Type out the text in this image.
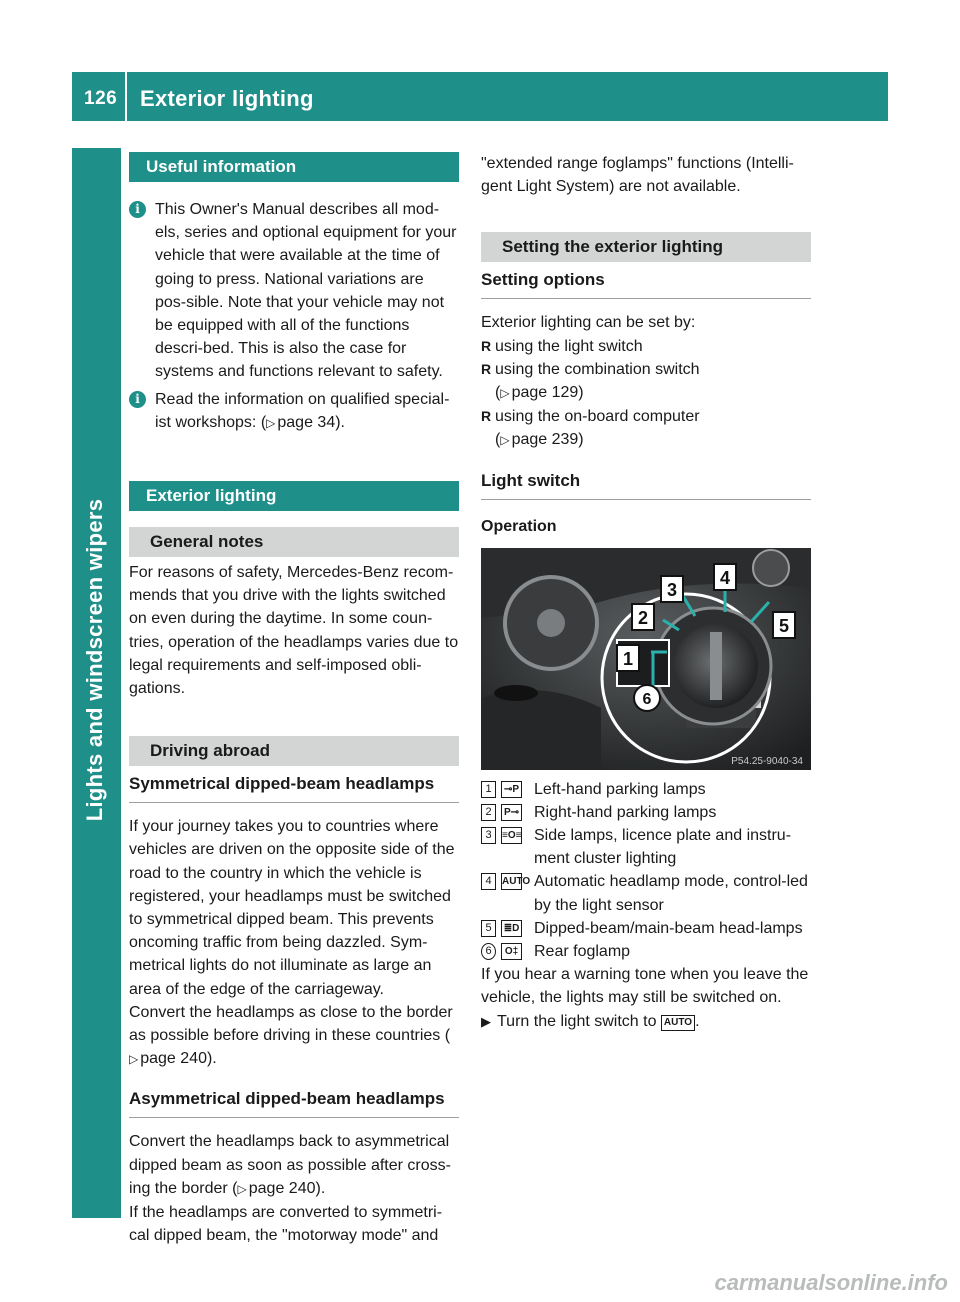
126 Exterior lighting
Lights and windscreen wipers
Useful information
i This Owner's Manual describes all mod-els, series and optional equipment for your vehicle that were available at the time of going to press. National variations are pos-sible. Note that your vehicle may not be equipped with all of the functions descri-bed. This is also the case for systems and functions relevant to safety.

i Read the information on qualified special-ist workshops: (▷ page 34).

Exterior lighting
General notes

For reasons of safety, Mercedes-Benz recom-mends that you drive with the lights switched on even during the daytime. In some coun-tries, operation of the headlamps varies due to legal requirements and self-imposed obli-gations.

Driving abroad
Symmetrical dipped-beam headlamps

If your journey takes you to countries where vehicles are driven on the opposite side of the road to the country in which the vehicle is registered, your headlamps must be switched to symmetrical dipped beam. This prevents oncoming traffic from being dazzled. Sym-metrical lights do not illuminate as large an area of the edge of the carriageway.

Convert the headlamps as close to the border as possible before driving in these countries (▷ page 240).

Asymmetrical dipped-beam headlamps

Convert the headlamps back to asymmetrical dipped beam as soon as possible after cross-ing the border (▷ page 240).

If the headlamps are converted to symmetri-cal dipped beam, the "motorway mode" and

"extended range foglamps" functions (Intelli-gent Light System) are not available.

Setting the exterior lighting
Setting options

Exterior lighting can be set by:

R using the light switch

R using the combination switch
(▷ page 129)

R using the on-board computer
(▷ page 239)

Light switch
Operation
3
4
5
2
1
6
P54.25-9040-34
1	⊸P Left-hand parking lamps
2	P⊸ Right-hand parking lamps
3	≡O≡ Side lamps, licence plate and instru-ment cluster lighting
4	AUTO Automatic headlamp mode, control-led by the light sensor
5	≣D Dipped-beam/main-beam head-lamps
6	O‡ Rear foglamp

If you hear a warning tone when you leave the vehicle, the lights may still be switched on.

▶ Turn the light switch to AUTO .

carmanualsonline.info
